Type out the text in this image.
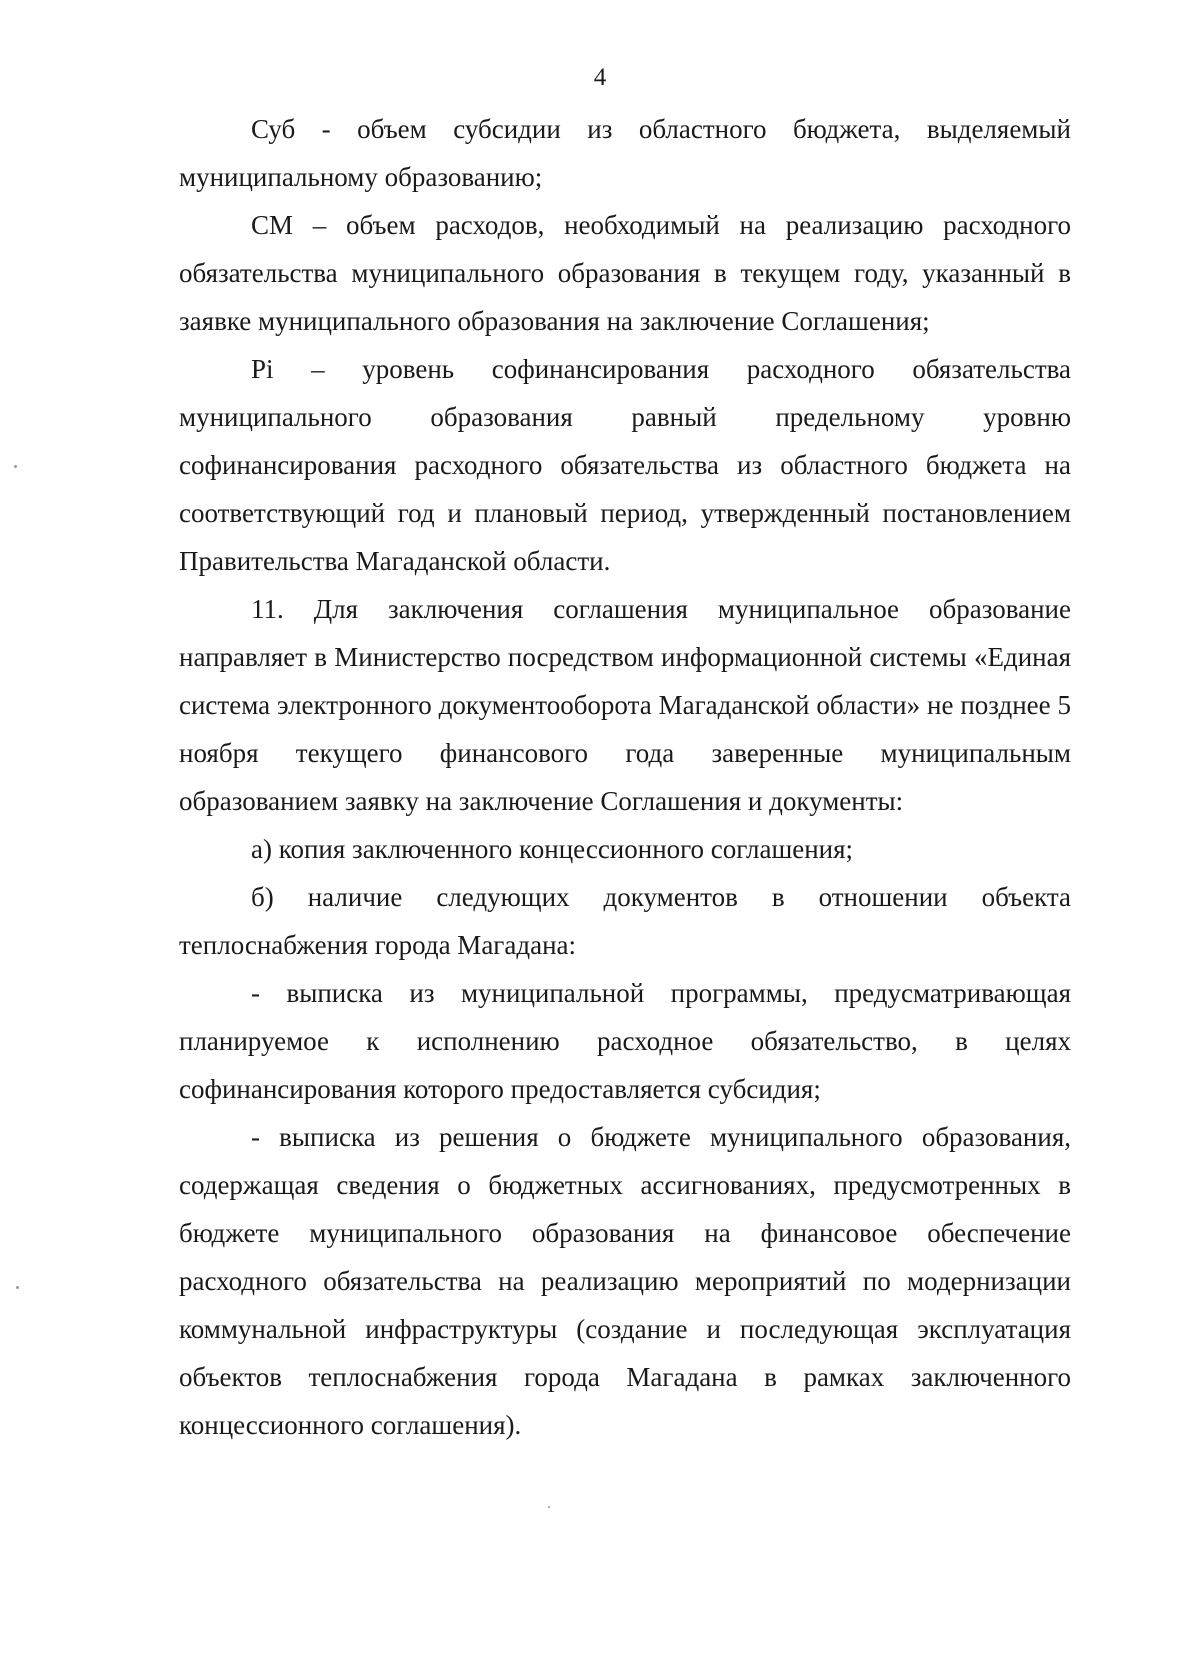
4

Суб - объем субсидии из областного бюджета, выделяемый муниципальному образованию;

СМ – объем расходов, необходимый на реализацию расходного обязательства муниципального образования в текущем году, указанный в заявке муниципального образования на заключение Соглашения;

Pi – уровень софинансирования расходного обязательства муниципального образования равный предельному уровню софинансирования расходного обязательства из областного бюджета на соответствующий год и плановый период, утвержденный постановлением Правительства Магаданской области.

11. Для заключения соглашения муниципальное образование направляет в Министерство посредством информационной системы «Единая система электронного документооборота Магаданской области» не позднее 5 ноября текущего финансового года заверенные муниципальным образованием заявку на заключение Соглашения и документы:

а) копия заключенного концессионного соглашения;

б) наличие следующих документов в отношении объекта теплоснабжения города Магадана:

- выписка из муниципальной программы, предусматривающая планируемое к исполнению расходное обязательство, в целях софинансирования которого предоставляется субсидия;

- выписка из решения о бюджете муниципального образования, содержащая сведения о бюджетных ассигнованиях, предусмотренных в бюджете муниципального образования на финансовое обеспечение расходного обязательства на реализацию мероприятий по модернизации коммунальной инфраструктуры (создание и последующая эксплуатация объектов теплоснабжения города Магадана в рамках заключенного концессионного соглашения).
